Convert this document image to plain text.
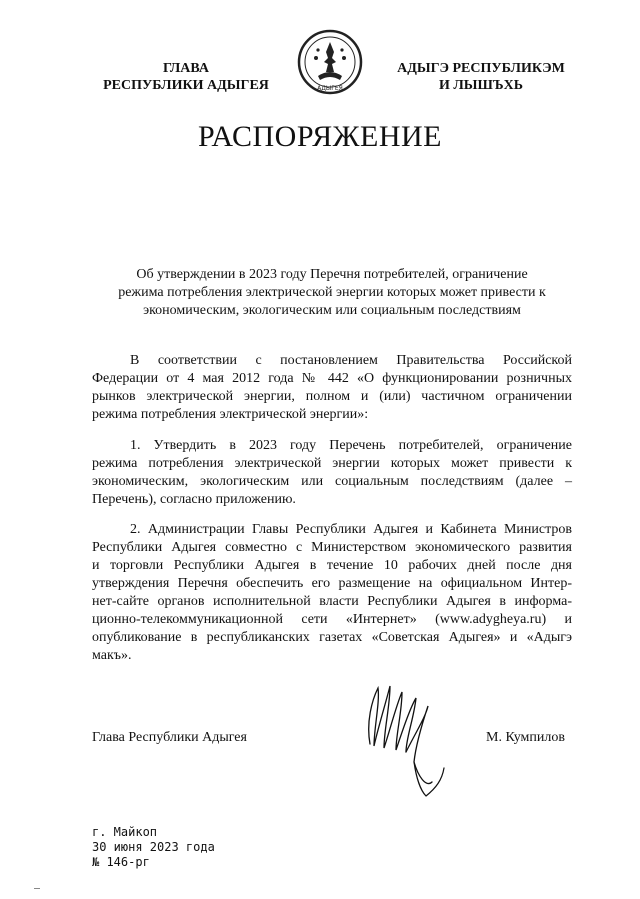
ГЛАВА
РЕСПУБЛИКИ АДЫГЕЯ	АДЫГЕЯ
АДЫГЭ РЕСПУБЛИКЭМ
И ЛЫШЪХЬ
РАСПОРЯЖЕНИЕ
Об утверждении в 2023 году Перечня потребителей, ограничение
режима потребления электрической энергии которых может привести к
экономическим, экологическим или социальным последствиям
В соответствии с постановлением Правительства Российской
Федерации от 4 мая 2012 года № 442 «О функционировании розничных
рынков электрической энергии, полном и (или) частичном ограничении
режима потребления электрической энергии»:
1. Утвердить в 2023 году Перечень потребителей, ограничение
режима потребления электрической энергии которых может привести к
экономическим, экологическим или социальным последствиям (далее –
Перечень), согласно приложению.
2. Администрации Главы Республики Адыгея и Кабинета Министров
Республики Адыгея совместно с Министерством экономического развития
и торговли Республики Адыгея в течение 10 рабочих дней после дня
утверждения Перечня обеспечить его размещение на официальном Интер-
нет-сайте органов исполнительной власти Республики Адыгея в информа-
ционно-телекоммуникационной сети «Интернет» (www.adygheya.ru) и
опубликование в республиканских газетах «Советская Адыгея» и «Адыгэ
макъ».
Глава Республики Адыгея	М. Кумпилов
г. Майкоп
30 июня 2023 года
№ 146-рг
